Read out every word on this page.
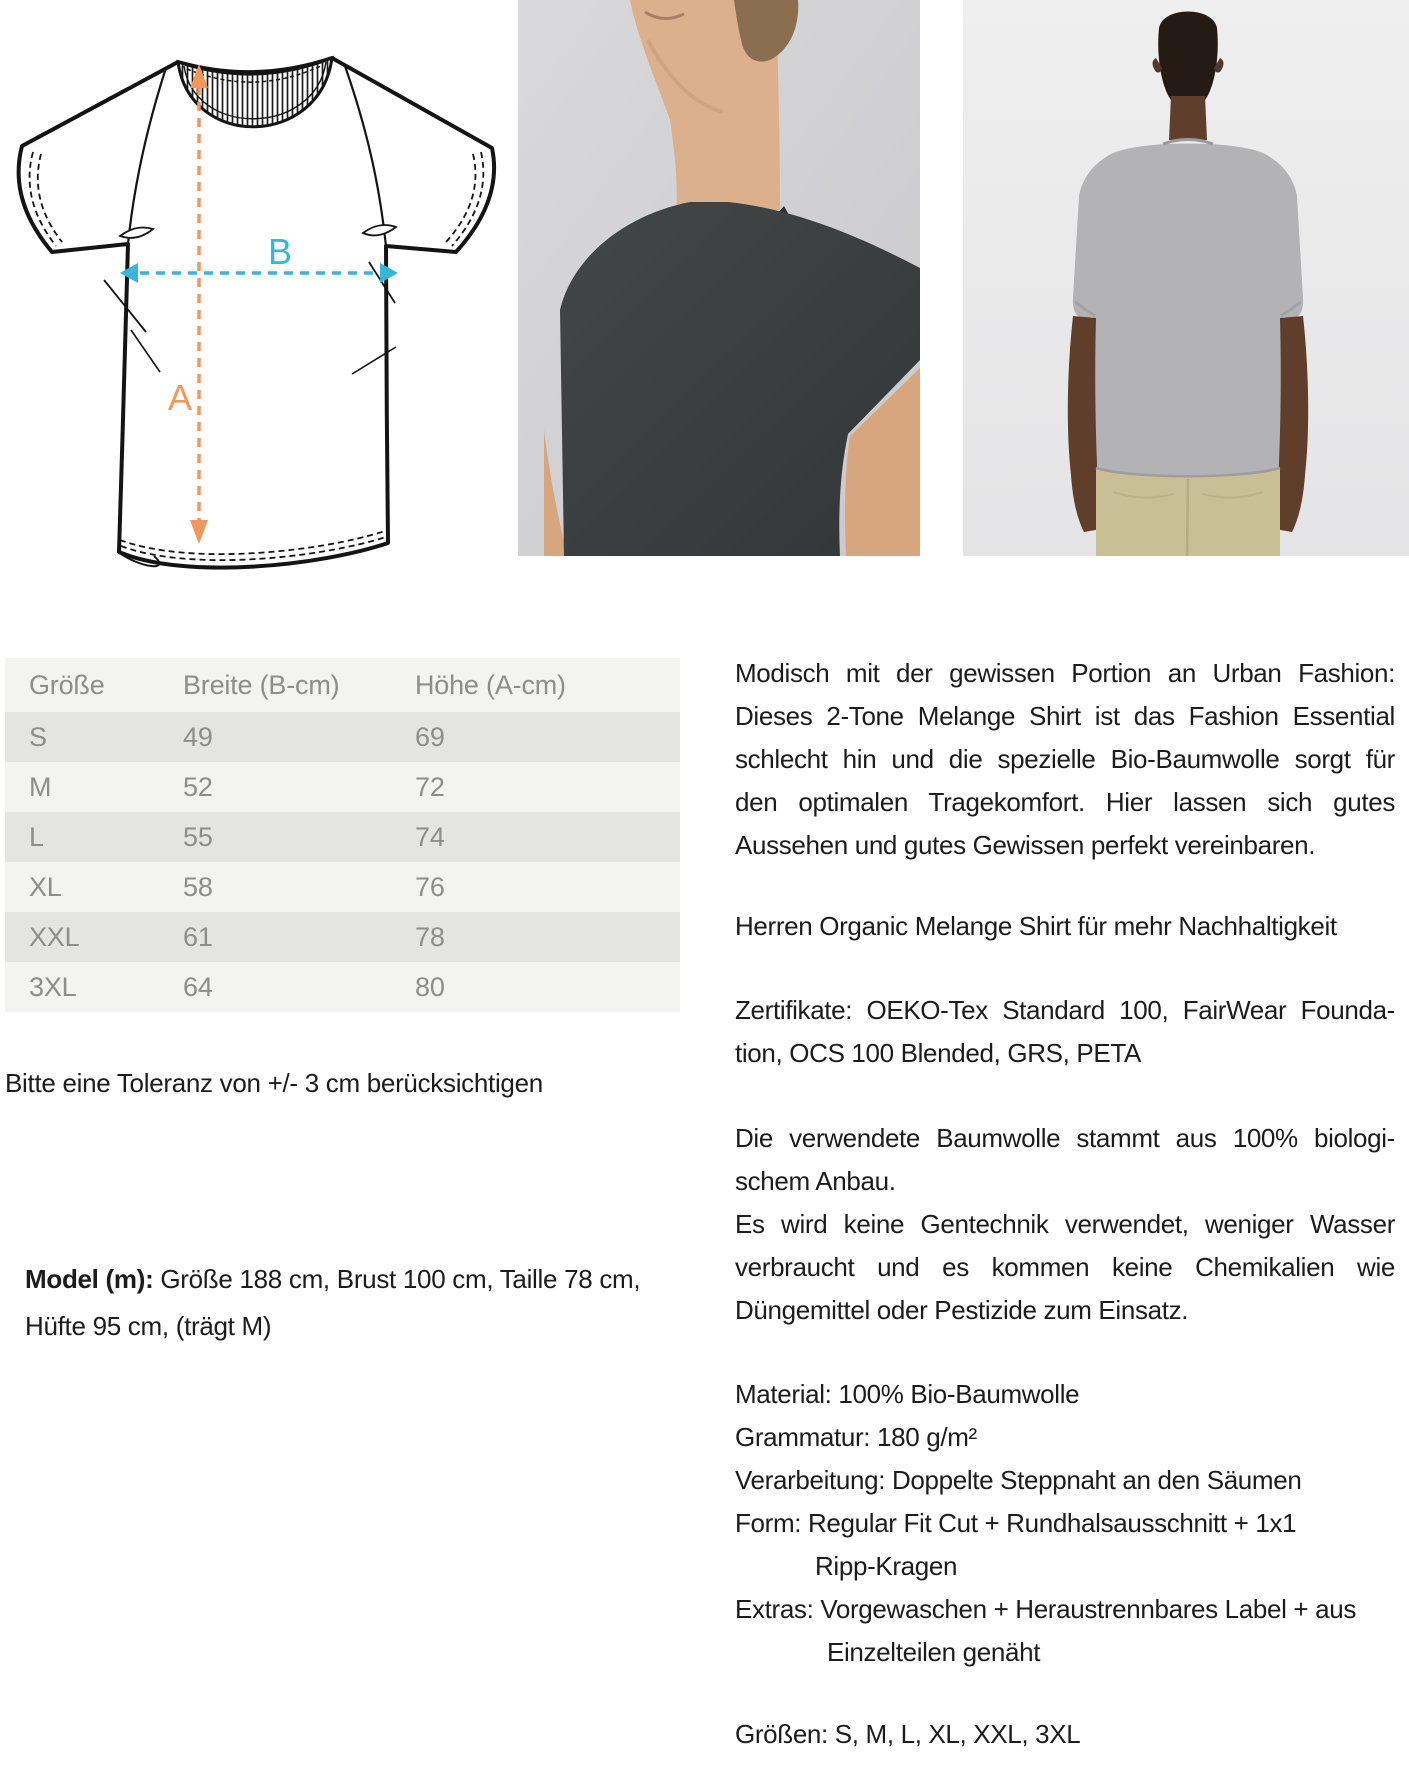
B
A
Größe	Breite (B-cm)	Höhe (A-cm)
S	49	69
M	52	72
L	55	74
XL	58	76
XXL	61	78
3XL	64	80
Bitte eine Toleranz von +/- 3 cm berücksichtigen
Model (m): Größe 188 cm, Brust 100 cm, Taille 78 cm,
Hüfte 95 cm, (trägt M)
Modisch mit der gewissen Portion an Urban Fashion:
Dieses 2-Tone Melange Shirt ist das Fashion Essential
schlecht hin und die spezielle Bio-Baumwolle sorgt für
den optimalen Tragekomfort. Hier lassen sich gutes
Aussehen und gutes Gewissen perfekt vereinbaren.
Herren Organic Melange Shirt für mehr Nachhaltigkeit
Zertifikate: OEKO-Tex Standard 100, FairWear Founda-
tion, OCS 100 Blended, GRS, PETA
Die verwendete Baumwolle stammt aus 100% biologi-
schem Anbau.
Es wird keine Gentechnik verwendet, weniger Wasser
verbraucht und es kommen keine Chemikalien wie
Düngemittel oder Pestizide zum Einsatz.
Material: 100% Bio-Baumwolle
Grammatur: 180 g/m²
Verarbeitung: Doppelte Steppnaht an den Säumen
Form: Regular Fit Cut + Rundhalsausschnitt + 1x1
Ripp-Kragen
Extras: Vorgewaschen + Heraustrennbares Label + aus
Einzelteilen genäht
Größen: S, M, L, XL, XXL, 3XL
